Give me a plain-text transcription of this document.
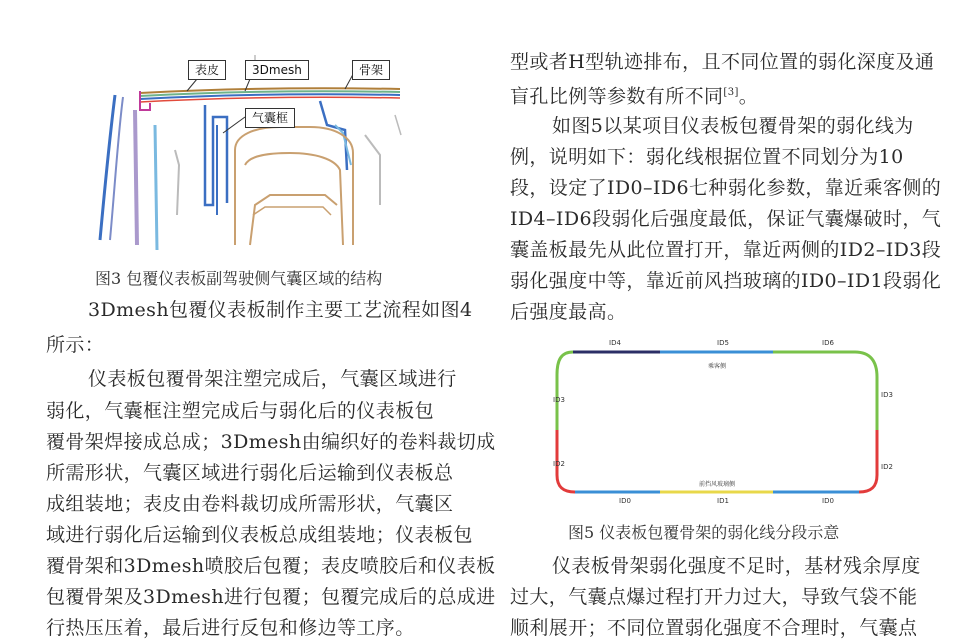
表皮	3Dmesh	骨架
气囊框
图3 包覆仪表板副驾驶侧气囊区域的结构
3Dmesh包覆仪表板制作主要工艺流程如图4
所示：
仪表板包覆骨架注塑完成后，气囊区域进行
弱化，气囊框注塑完成后与弱化后的仪表板包
覆骨架焊接成总成；3Dmesh由编织好的卷料裁切成
所需形状，气囊区域进行弱化后运输到仪表板总
成组装地；表皮由卷料裁切成所需形状，气囊区
域进行弱化后运输到仪表板总成组装地；仪表板包
覆骨架和3Dmesh喷胶后包覆；表皮喷胶后和仪表板
包覆骨架及3Dmesh进行包覆；包覆完成后的总成进
行热压压着，最后进行反包和修边等工序。
型或者H型轨迹排布，且不同位置的弱化深度及通
盲孔比例等参数有所不同[3]。
如图5以某项目仪表板包覆骨架的弱化线为
例，说明如下：弱化线根据位置不同划分为10
段，设定了ID0–ID6七种弱化参数，靠近乘客侧的
ID4–ID6段弱化后强度最低，保证气囊爆破时，气
囊盖板最先从此位置打开，靠近两侧的ID2–ID3段
弱化强度中等，靠近前风挡玻璃的ID0–ID1段弱化
后强度最高。
ID4	ID5	ID6
乘客侧
ID3
ID2
ID3
ID2
前挡风玻璃侧
ID0	ID1	ID0
图5 仪表板包覆骨架的弱化线分段示意
仪表板骨架弱化强度不足时，基材残余厚度
过大，气囊点爆过程打开力过大，导致气袋不能
顺利展开；不同位置弱化强度不合理时，气囊点
